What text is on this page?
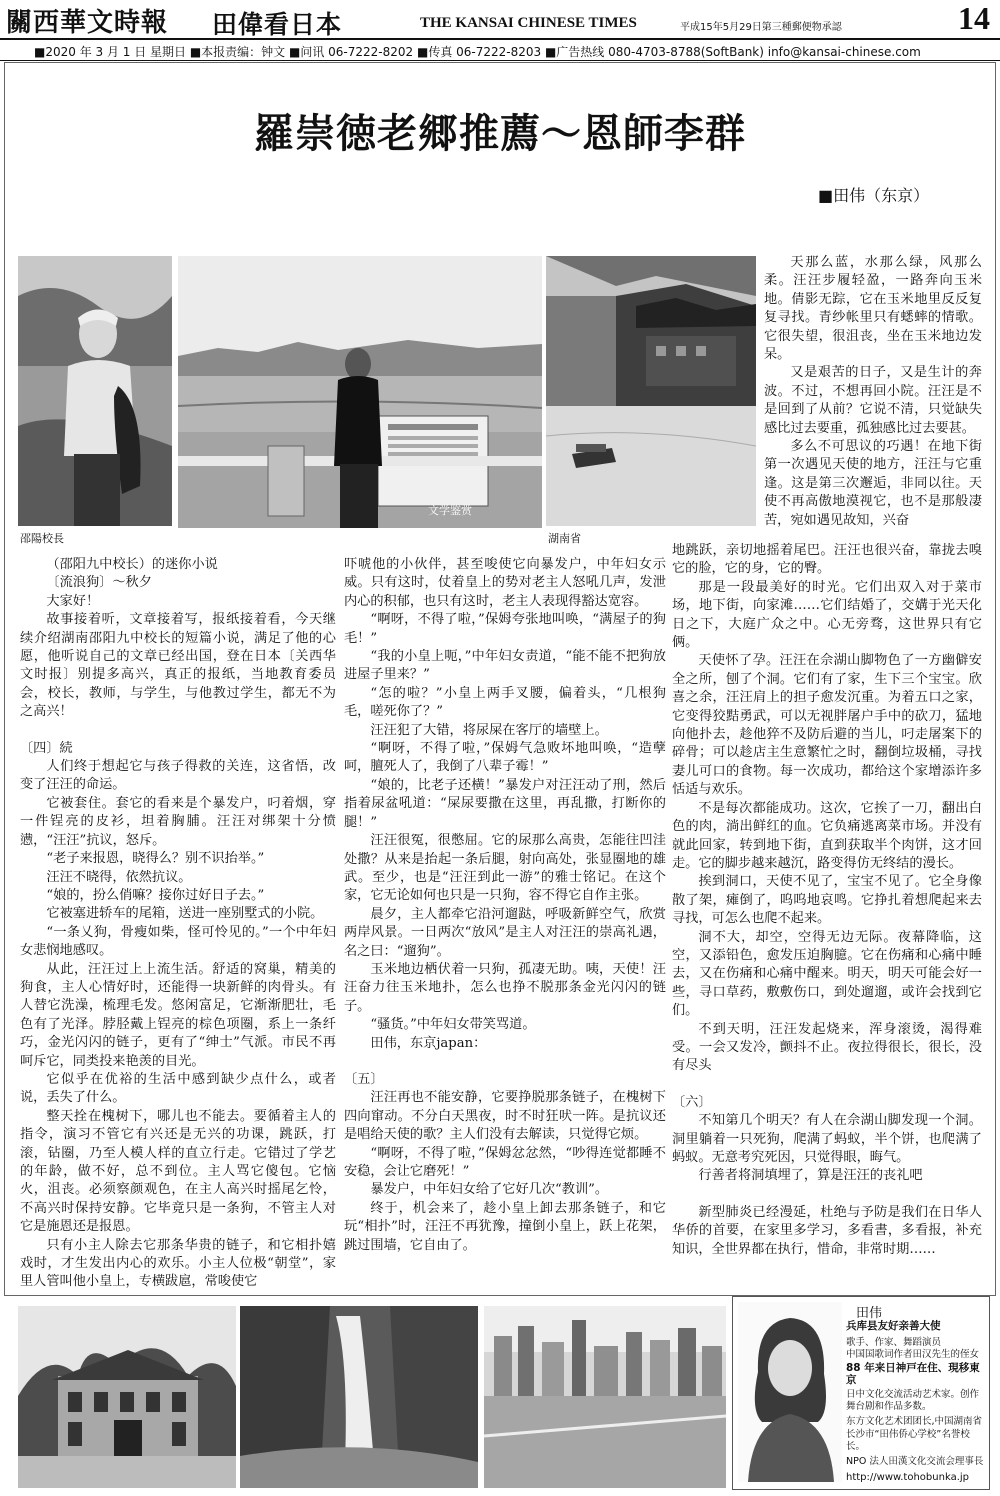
關西華文時報 田偉看日本	THE KANSAI CHINESE TIMES	平成15年5月29日第三種郵便物承認	14
■2020 年 3 月 1 日 星期日 ■本报责编：钟文 ■问讯 06-7222-8202 ■传真 06-7222-8203 ■广告热线 080-4703-8788(SoftBank) info@kansai-chinese.com
羅崇徳老郷推薦～恩師李群
■田伟（东京）
邵陽校長
文学鉴赏
湖南省

（邵阳九中校长）的迷你小说

〔流浪狗〕～秋夕

大家好！

故事接着听，文章接着写，报纸接着看，今天继续介绍湖南邵阳九中校长的短篇小说，满足了他的心愿，他听说自己的文章已经出国，登在日本〔关西华文时报〕别提多高兴，真正的报纸，当地教育委员会，校长，教师，与学生，与他教过学生，都无不为之高兴！

〔四〕続

人们终于想起它与孩子得救的关连，这省悟，改变了汪汪的命运。

它被套住。套它的看来是个暴发户，叼着烟，穿一件锃亮的皮衫，坦着胸脯。汪汪对绑架十分愤懑，“汪汪”抗议，怒斥。

“老子来报恩，晓得么？别不识抬举。”

汪汪不晓得，依然抗议。

“娘的，扮么俏嘛？接你过好日子去。”

它被塞进轿车的尾箱，送进一座别墅式的小院。

“一条乂狗，骨瘦如柴，怪可怜见的。”一个中年妇女悲悯地感叹。

从此，汪汪过上上流生活。舒适的窝巢，精美的狗食，主人心情好时，还能得一块新鲜的肉骨头。有人替它洗澡，梳理毛发。悠闲富足，它渐渐肥壮，毛色有了光泽。脖胫戴上锃亮的棕色项圈，系上一条纤巧，金光闪闪的链子，更有了“绅士”气派。市民不再呵斥它，同类投来艳羡的目光。

它似乎在优裕的生活中感到缺少点什么，或者说，丢失了什么。

整天拴在槐树下，哪儿也不能去。要循着主人的指令，演习不管它有兴还是无兴的功课，跳跃，打滚，钻圈，乃至人模人样的直立行走。它错过了学艺的年龄，做不好，总不到位。主人骂它傻包。它恼火，沮丧。必须察颜观色，在主人高兴时摇尾乞怜，不高兴时保持安静。它毕竟只是一条狗，不管主人对它是施恩还是报恩。

只有小主人除去它那条华贵的链子，和它相扑嬉戏时，才生发出内心的欢乐。小主人位极“朝堂”，家里人管叫他小皇上，专横跋扈，常唆使它

吓唬他的小伙伴，甚至唆使它向暴发户，中年妇女示威。只有这时，仗着皇上的势对老主人怒吼几声，发泄内心的积郁，也只有这时，老主人表现得豁达宽容。

“啊呀，不得了啦，”保姆夸张地叫唤，“满屋子的狗毛！”

“我的小皇上呃，”中年妇女责道，“能不能不把狗放进屋子里来？”

“怎的啦？”小皇上两手叉腰，偏着头，“几根狗毛，嗟死你了？”

汪汪犯了大错，将尿屎在客厅的墙壁上。

“啊呀，不得了啦，”保姆气急败坏地叫唤，“造孽呵，膻死人了，我倒了八辈子霉！”

“娘的，比老子还横！”暴发户对汪汪动了刑，然后指着尿盆吼道：“屎尿要撒在这里，再乱撒，打断你的腿！”

汪汪很冤，很憋屈。它的尿那么高贵，怎能往凹洼处撒？从来是抬起一条后腿，射向高处，张显圈地的雄武。至少，也是“汪汪到此一游”的雅士铭记。在这个家，它无论如何也只是一只狗，容不得它自作主张。

晨夕，主人都牵它沿河遛跶，呼吸新鲜空气，欣赏两岸风景。一日两次“放风”是主人对汪汪的崇高礼遇，名之曰：“遛狗”。

玉米地边栖伏着一只狗，孤凄无助。咦，天使！汪汪奋力往玉米地扑，怎么也挣不脱那条金光闪闪的链子。

“骚货。”中年妇女带笑骂道。

田伟，东京japan：

〔五〕

汪汪再也不能安静，它要挣脱那条链子，在槐树下四向窜动。不分白天黑夜，时不时狂吠一阵。是抗议还是唱给天使的歌？主人们没有去解读，只觉得它烦。

“啊呀，不得了啦，”保姆忿忿然，“吵得连觉都睡不安稳，会让它磨死！”

暴发户，中年妇女给了它好几次“教训”。

终于，机会来了，趁小皇上卸去那条链子，和它玩“相扑”时，汪汪不再犹豫，撞倒小皇上，跃上花架，跳过围墙，它自由了。

天那么蓝，水那么绿，风那么柔。汪汪步履轻盈，一路奔向玉米地。倩影无踪，它在玉米地里反反复复寻找。青纱帐里只有蟋蟀的情歌。它很失望，很沮丧，坐在玉米地边发呆。

又是艰苦的日子，又是生计的奔波。不过，不想再回小院。汪汪是不是回到了从前？它说不清，只觉缺失感比过去要重，孤独感比过去要甚。

多么不可思议的巧遇！在地下街第一次遇见天使的地方，汪汪与它重逢。这是第三次邂逅，非同以往。天使不再高傲地漠视它，也不是那般凄苦，宛如遇见故知，兴奋

地跳跃，亲切地摇着尾巴。汪汪也很兴奋，靠拢去嗅它的脸，它的身，它的臀。

那是一段最美好的时光。它们出双入对于菜市场，地下街，向家滩……它们结婚了，交媾于光天化日之下，大庭广众之中。心无旁骛，这世界只有它俩。

天使怀了孕。汪汪在佘湖山脚物色了一方幽僻安全之所，刨了个洞。它们有了家，生下三个宝宝。欣喜之余，汪汪肩上的担子愈发沉重。为着五口之家，它变得狡黠勇武，可以无视胖屠户手中的砍刀，猛地向他扑去，趁他猝不及防后避的当儿，叼走屠案下的碎骨；可以趁店主生意繁忙之时，翻倒垃圾桶，寻找妻儿可口的食物。每一次成功，都给这个家增添许多恬适与欢乐。

不是每次都能成功。这次，它挨了一刀，翻出白色的肉，淌出鲜红的血。它负痛逃离菜市场。并没有就此回家，转到地下街，直到获取半个肉饼，这才回走。它的脚步越来越沉，路变得仿无终结的漫长。

挨到洞口，天使不见了，宝宝不见了。它全身像散了架，瘫倒了，呜呜地哀鸣。它挣扎着想爬起来去寻找，可怎么也爬不起来。

洞不大，却空，空得无边无际。夜幕降临，这空，又添铅色，愈发压迫胸臆。它在伤痛和心痛中睡去，又在伤痛和心痛中醒来。明天，明天可能会好一些，寻口草药，敷敷伤口，到处遛遛，或许会找到它们。

不到天明，汪汪发起烧来，浑身滚烫，渴得难受。一会又发冷，颤抖不止。夜拉得很长，很长，没有尽头

〔六〕

不知第几个明天？有人在佘湖山脚发现一个洞。洞里躺着一只死狗，爬满了蚂蚁，半个饼，也爬满了蚂蚁。无意考究死因，只觉得眼，晦气。

行善者将洞填埋了，算是汪汪的丧礼吧

新型肺炎已经漫延，杜绝与予防是我们在日华人华侨的首要，在家里多学习，多看書，多看报，补充知识，全世界都在执行，惜命，非常时期……

田伟
兵库县友好亲善大使
歌手、作家、舞蹈演员
中国国歌词作者田汉先生的侄女
88 年来日神戸在住、現移東京
日中文化交流活动艺术家。创作舞台剧和作品多数。
东方文化艺术团团长,中国湖南省长沙市“田伟侨心学校”名誉校长。
NPO 法人田漢文化交流会理事長
http://www.tohobunka.jp
